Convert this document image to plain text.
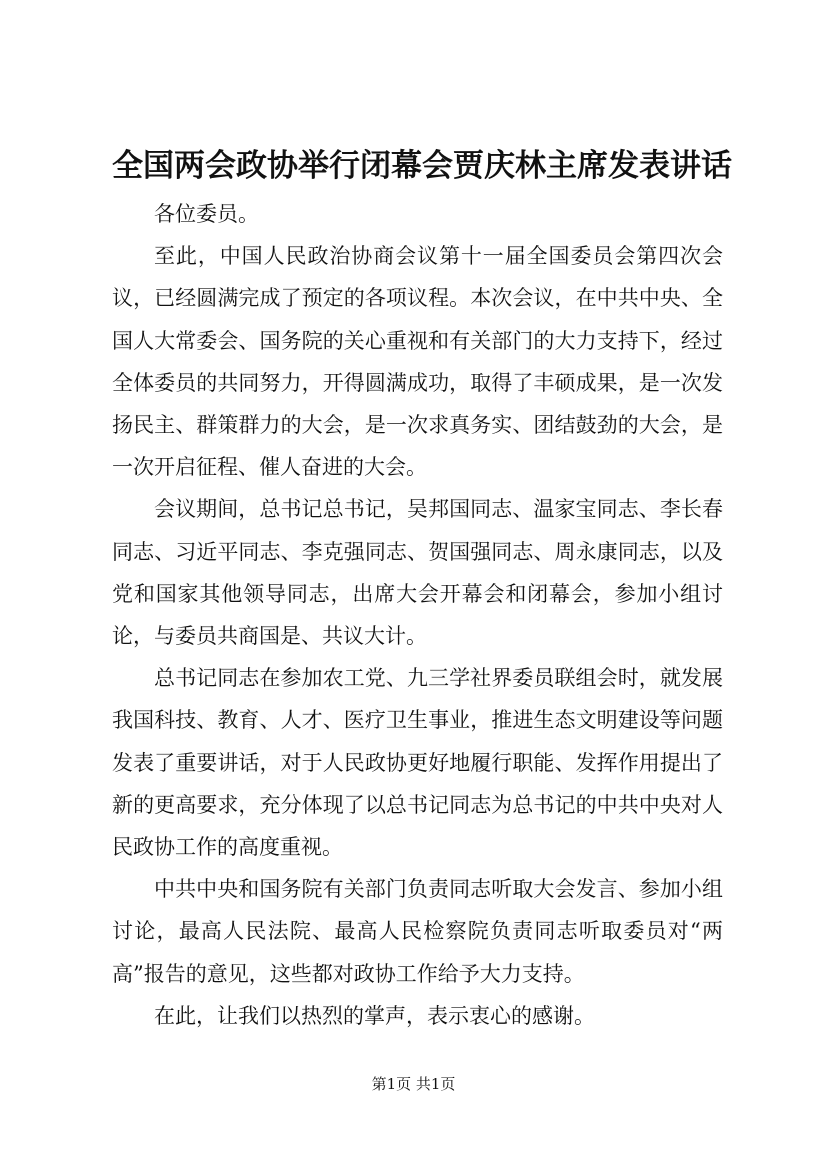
全国两会政协举行闭幕会贾庆林主席发表讲话

各位委员。

至此，中国人民政治协商会议第十一届全国委员会第四次会议，已经圆满完成了预定的各项议程。本次会议，在中共中央、全国人大常委会、国务院的关心重视和有关部门的大力支持下，经过全体委员的共同努力，开得圆满成功，取得了丰硕成果，是一次发扬民主、群策群力的大会，是一次求真务实、团结鼓劲的大会，是一次开启征程、催人奋进的大会。

会议期间，总书记总书记，吴邦国同志、温家宝同志、李长春同志、习近平同志、李克强同志、贺国强同志、周永康同志，以及党和国家其他领导同志，出席大会开幕会和闭幕会，参加小组讨论，与委员共商国是、共议大计。

总书记同志在参加农工党、九三学社界委员联组会时，就发展我国科技、教育、人才、医疗卫生事业，推进生态文明建设等问题发表了重要讲话，对于人民政协更好地履行职能、发挥作用提出了新的更高要求，充分体现了以总书记同志为总书记的中共中央对人民政协工作的高度重视。

中共中央和国务院有关部门负责同志听取大会发言、参加小组讨论，最高人民法院、最高人民检察院负责同志听取委员对“两高”报告的意见，这些都对政协工作给予大力支持。

在此，让我们以热烈的掌声，表示衷心的感谢。

第1页 共1页
